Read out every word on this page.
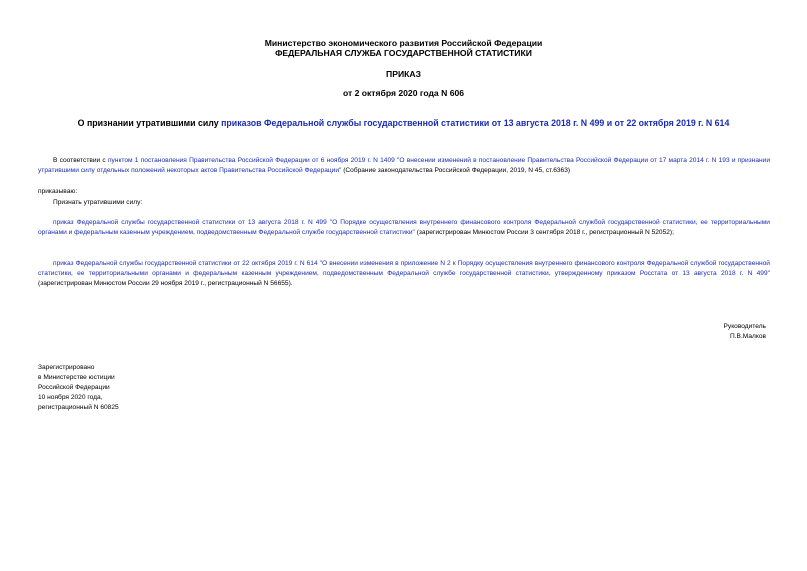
Министерство экономического развития Российской Федерации
ФЕДЕРАЛЬНАЯ СЛУЖБА ГОСУДАРСТВЕННОЙ СТАТИСТИКИ
ПРИКАЗ
от 2 октября 2020 года N 606
О признании утратившими силу приказов Федеральной службы государственной статистики от 13 августа 2018 г. N 499 и от 22 октября 2019 г. N 614
В соответствии с пунктом 1 постановления Правительства Российской Федерации от 6 ноября 2019 г. N 1409 "О внесении изменений в постановление Правительства Российской Федерации от 17 марта 2014 г. N 193 и признании утратившими силу отдельных положений некоторых актов Правительства Российской Федерации" (Собрание законодательства Российской Федерации, 2019, N 45, ст.6363)
приказываю:
Признать утратившими силу:
приказ Федеральной службы государственной статистики от 13 августа 2018 г. N 499 "О Порядке осуществления внутреннего финансового контроля Федеральной службой государственной статистики, ее территориальными органами и федеральным казенным учреждением, подведомственным Федеральной службе государственной статистики" (зарегистрирован Минюстом России 3 сентября 2018 г., регистрационный N 52052);
приказ Федеральной службы государственной статистики от 22 октября 2019 г. N 614 "О внесении изменения в приложение N 2 к Порядку осуществления внутреннего финансового контроля Федеральной службой государственной статистики, ее территориальными органами и федеральным казенным учреждением, подведомственным Федеральной службе государственной статистики, утвержденному приказом Росстата от 13 августа 2018 г. N 499" (зарегистрирован Минюстом России 29 ноября 2019 г., регистрационный N 56655).
Руководитель
П.В.Малков
Зарегистрировано
в Министерстве юстиции
Российской Федерации
10 ноября 2020 года,
регистрационный N 60825
